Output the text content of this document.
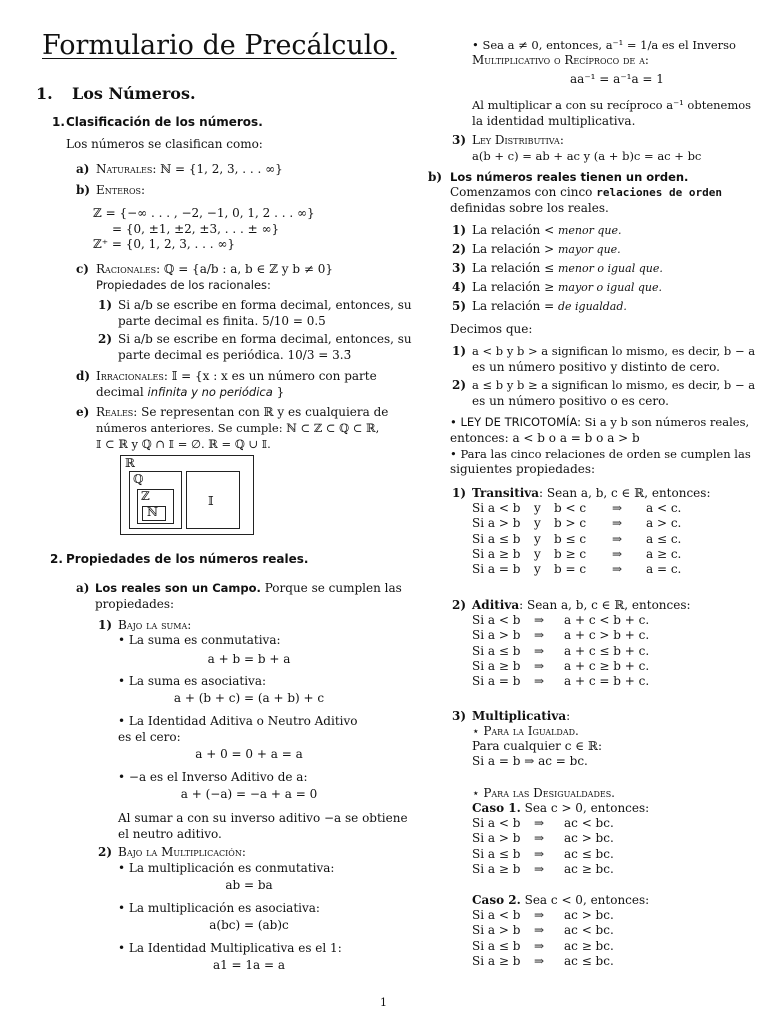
Formulario de Precálculo.
1. Los Números.
1. Clasificación de los números.
Los números se clasifican como:
a) Naturales: ℕ = {1, 2, 3, . . . ∞}
b) Enteros:
ℤ = {−∞ . . . , −2, −1, 0, 1, 2 . . . ∞}
= {0, ±1, ±2, ±3, . . . ± ∞}
ℤ⁺ = {0, 1, 2, 3, . . . ∞}
c) Racionales: ℚ = {a/b : a, b ∈ ℤ y b ≠ 0}
Propiedades de los racionales:
1) Si a/b se escribe en forma decimal, entonces, su
parte decimal es finita. 5/10 = 0.5
2) Si a/b se escribe en forma decimal, entonces, su
parte decimal es periódica. 10/3 = 3.3̄
d) Irracionales: 𝕀 = {x : x es un número con parte
decimal infinita y no periódica }
e) Reales: Se representan con ℝ y es cualquiera de
números anteriores. Se cumple: ℕ ⊂ ℤ ⊂ ℚ ⊂ ℝ,
𝕀 ⊂ ℝ y ℚ ∩ 𝕀 = ∅. ℝ = ℚ ∪ 𝕀.
ℝ
ℚ
ℤ
ℕ
𝕀
2. Propiedades de los números reales.
a) Los reales son un Campo. Porque se cumplen las
propiedades:
1) Bajo la suma:
• La suma es conmutativa:
a + b = b + a
• La suma es asociativa:
a + (b + c) = (a + b) + c
• La Identidad Aditiva o Neutro Aditivo
es el cero:
a + 0 = 0 + a = a
• −a es el Inverso Aditivo de a:
a + (−a) = −a + a = 0
Al sumar a con su inverso aditivo −a se obtiene
el neutro aditivo.
2) Bajo la Multiplicación:
• La multiplicación es conmutativa:
ab = ba
• La multiplicación es asociativa:
a(bc) = (ab)c
• La Identidad Multiplicativa es el 1:
a1 = 1a = a
• Sea a ≠ 0, entonces, a⁻¹ = 1/a es el Inverso
Multiplicativo o Recíproco de a:
aa⁻¹ = a⁻¹a = 1
Al multiplicar a con su recíproco a⁻¹ obtenemos
la identidad multiplicativa.
3) Ley Distributiva:
a(b + c) = ab + ac y (a + b)c = ac + bc
b) Los números reales tienen un orden.
Comenzamos con cinco relaciones de orden
definidas sobre los reales.
1) La relación < menor que.
2) La relación > mayor que.
3) La relación ≤ menor o igual que.
4) La relación ≥ mayor o igual que.
5) La relación = de igualdad.
Decimos que:
1) a < b y b > a significan lo mismo, es decir, b − a
es un número positivo y distinto de cero.
2) a ≤ b y b ≥ a significan lo mismo, es decir, b − a
es un número positivo o es cero.
• LEY DE TRICOTOMÍA: Si a y b son números reales,
entonces: a < b o a = b o a > b
• Para las cinco relaciones de orden se cumplen las
siguientes propiedades:
1) Transitiva: Sean a, b, c ∈ ℝ, entonces:
Si a < b	y	b < c	⇒	a < c.
Si a > b	y	b > c	⇒	a > c.
Si a ≤ b	y	b ≤ c	⇒	a ≤ c.
Si a ≥ b	y	b ≥ c	⇒	a ≥ c.
Si a = b	y	b = c	⇒	a = c.
2) Aditiva: Sean a, b, c ∈ ℝ, entonces:
Si a < b	⇒	a + c < b + c.
Si a > b	⇒	a + c > b + c.
Si a ≤ b	⇒	a + c ≤ b + c.
Si a ≥ b	⇒	a + c ≥ b + c.
Si a = b	⇒	a + c = b + c.
3) Multiplicativa:
⋆ Para la Igualdad.
Para cualquier c ∈ ℝ:
Si a = b ⇒ ac = bc.
⋆ Para las Desigualdades.
Caso 1. Sea c > 0, entonces:
Si a < b	⇒	ac < bc.
Si a > b	⇒	ac > bc.
Si a ≤ b	⇒	ac ≤ bc.
Si a ≥ b	⇒	ac ≥ bc.
Caso 2. Sea c < 0, entonces:
Si a < b	⇒	ac > bc.
Si a > b	⇒	ac < bc.
Si a ≤ b	⇒	ac ≥ bc.
Si a ≥ b	⇒	ac ≤ bc.
1
